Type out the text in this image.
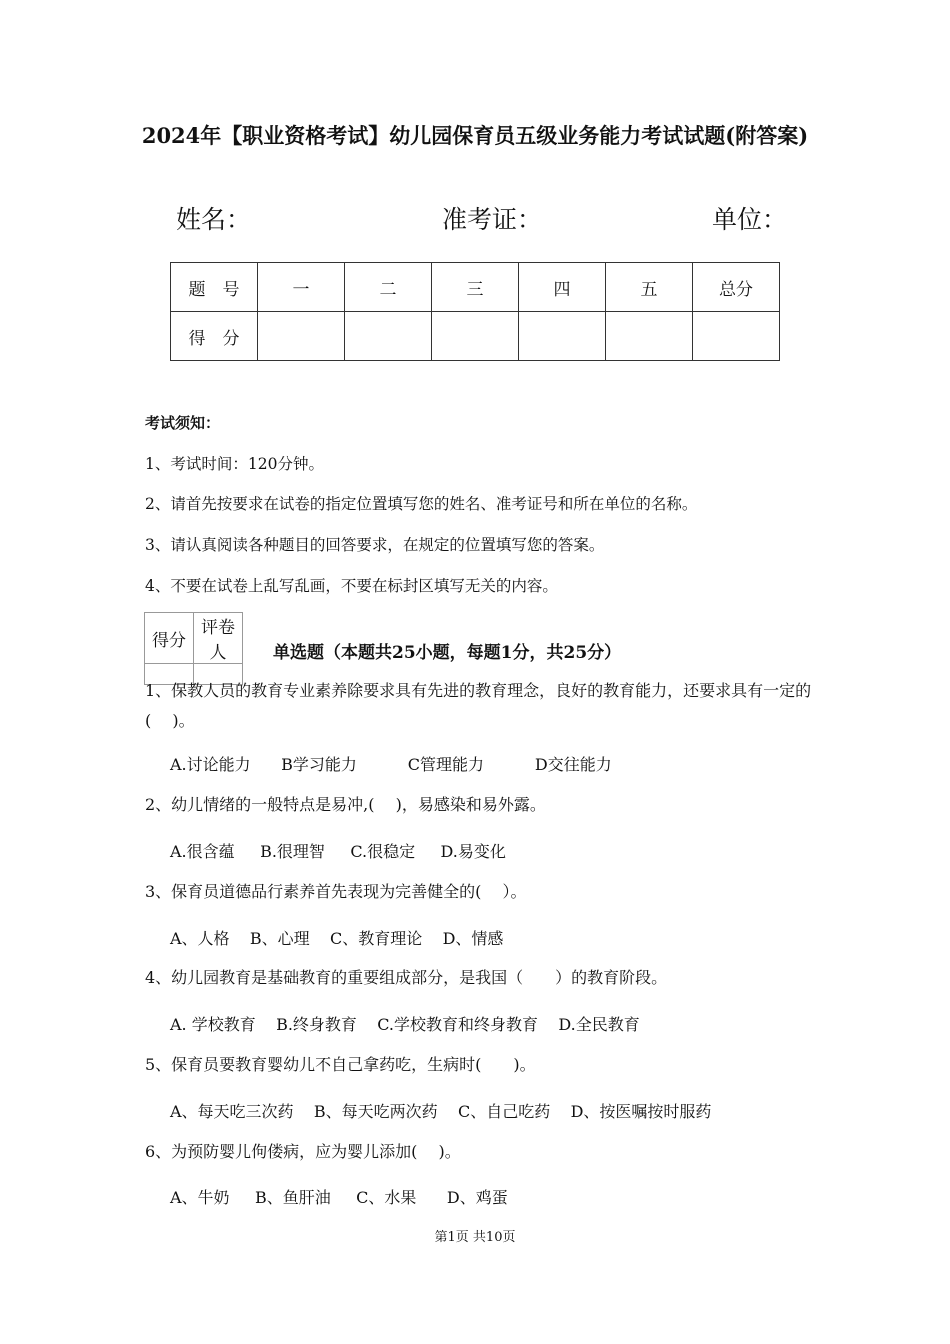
2024年【职业资格考试】幼儿园保育员五级业务能力考试试题(附答案)
姓名：	准考证：	单位：
题　号	一	二	三	四	五	总分
得　分						
考试须知：
1、考试时间：120分钟。
2、请首先按要求在试卷的指定位置填写您的姓名、准考证号和所在单位的名称。
3、请认真阅读各种题目的回答要求，在规定的位置填写您的答案。
4、不要在试卷上乱写乱画，不要在标封区填写无关的内容。
得分	评卷人
		单选题（本题共25小题，每题1分，共25分）
1、保教人员的教育专业素养除要求具有先进的教育理念，良好的教育能力，还要求具有一定的(　 )。
A.讨论能力      B学习能力          C管理能力          D交往能力
2、幼儿情绪的一般特点是易冲,(　 )，易感染和易外露。
A.很含蕴     B.很理智     C.很稳定     D.易变化
3、保育员道德品行素养首先表现为完善健全的(　 ）。
A、人格    B、心理    C、教育理论    D、情感
4、幼儿园教育是基础教育的重要组成部分，是我国（　　）的教育阶段。
A. 学校教育    B.终身教育    C.学校教育和终身教育    D.全民教育
5、保育员要教育婴幼儿不自己拿药吃，生病时(　　)。
A、每天吃三次药    B、每天吃两次药    C、自己吃药    D、按医嘱按时服药
6、为预防婴儿佝偻病，应为婴儿添加(　 )。
A、牛奶     B、鱼肝油     C、水果      D、鸡蛋
第1页 共10页
